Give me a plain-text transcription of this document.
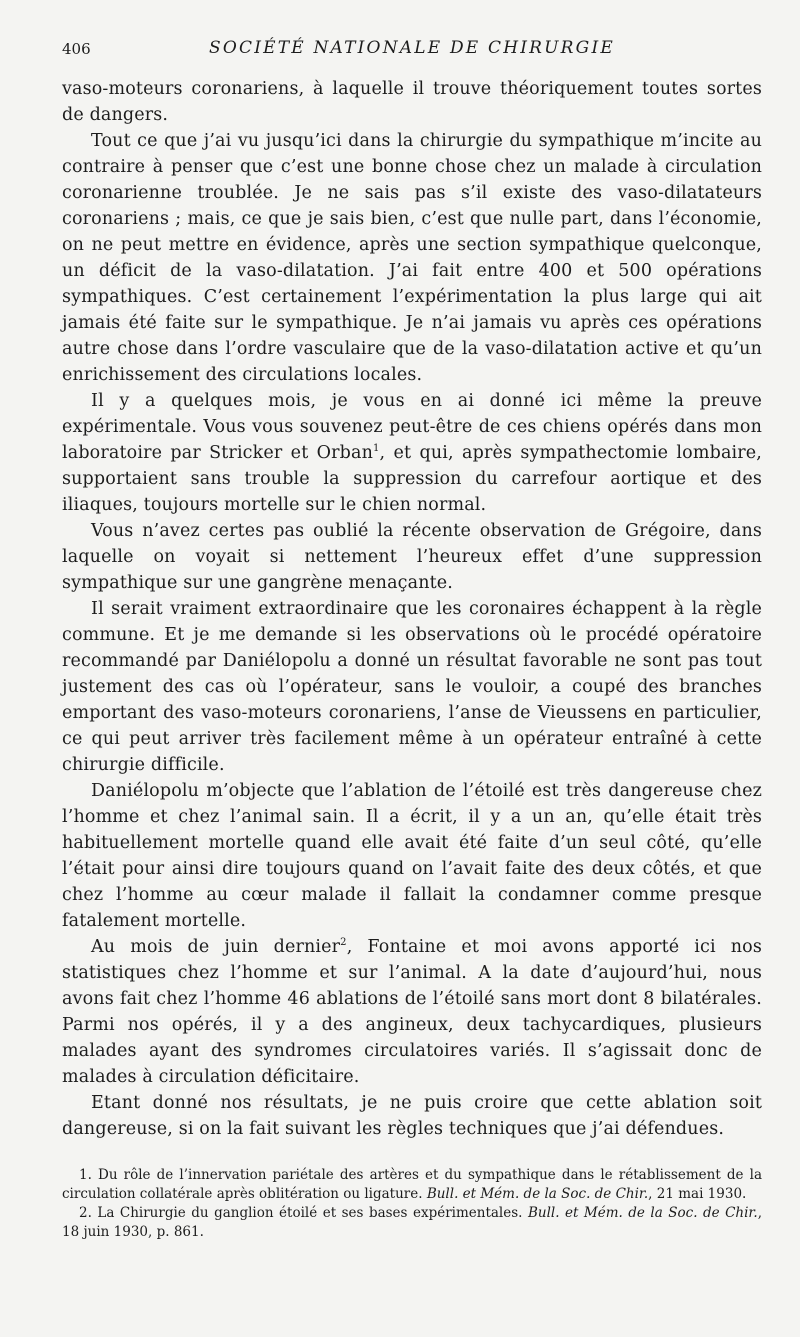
406	SOCIÉTÉ NATIONALE DE CHIRURGIE

vaso-moteurs coronariens, à laquelle il trouve théoriquement toutes sortes de dangers.

Tout ce que j’ai vu jusqu’ici dans la chirurgie du sympathique m’incite au contraire à penser que c’est une bonne chose chez un malade à circulation coronarienne troublée. Je ne sais pas s’il existe des vaso-dilatateurs coronariens ; mais, ce que je sais bien, c’est que nulle part, dans l’économie, on ne peut mettre en évidence, après une section sympathique quelconque, un déficit de la vaso-dilatation. J’ai fait entre 400 et 500 opérations sympathiques. C’est certainement l’expérimentation la plus large qui ait jamais été faite sur le sympathique. Je n’ai jamais vu après ces opérations autre chose dans l’ordre vasculaire que de la vaso-dilatation active et qu’un enrichissement des circulations locales.

Il y a quelques mois, je vous en ai donné ici même la preuve expérimentale. Vous vous souvenez peut-être de ces chiens opérés dans mon laboratoire par Stricker et Orban$^1$, et qui, après sympathectomie lombaire, supportaient sans trouble la suppression du carrefour aortique et des iliaques, toujours mortelle sur le chien normal.

Vous n’avez certes pas oublié la récente observation de Grégoire, dans laquelle on voyait si nettement l’heureux effet d’une suppression sympathique sur une gangrène menaçante.

Il serait vraiment extraordinaire que les coronaires échappent à la règle commune. Et je me demande si les observations où le procédé opératoire recommandé par Daniélopolu a donné un résultat favorable ne sont pas tout justement des cas où l’opérateur, sans le vouloir, a coupé des branches emportant des vaso-moteurs coronariens, l’anse de Vieussens en particulier, ce qui peut arriver très facilement même à un opérateur entraîné à cette chirurgie difficile.

Daniélopolu m’objecte que l’ablation de l’étoilé est très dangereuse chez l’homme et chez l’animal sain. Il a écrit, il y a un an, qu’elle était très habituellement mortelle quand elle avait été faite d’un seul côté, qu’elle l’était pour ainsi dire toujours quand on l’avait faite des deux côtés, et que chez l’homme au cœur malade il fallait la condamner comme presque fatalement mortelle.

Au mois de juin dernier$^2$, Fontaine et moi avons apporté ici nos statistiques chez l’homme et sur l’animal. A la date d’aujourd’hui, nous avons fait chez l’homme 46 ablations de l’étoilé sans mort dont 8 bilatérales. Parmi nos opérés, il y a des angineux, deux tachycardiques, plusieurs malades ayant des syndromes circulatoires variés. Il s’agissait donc de malades à circulation déficitaire.

Etant donné nos résultats, je ne puis croire que cette ablation soit dangereuse, si on la fait suivant les règles techniques que j’ai défendues.

1. Du rôle de l’innervation pariétale des artères et du sympathique dans le rétablissement de la circulation collatérale après oblitération ou ligature. Bull. et Mém. de la Soc. de Chir., 21 mai 1930.

2. La Chirurgie du ganglion étoilé et ses bases expérimentales. Bull. et Mém. de la Soc. de Chir., 18 juin 1930, p. 861.
